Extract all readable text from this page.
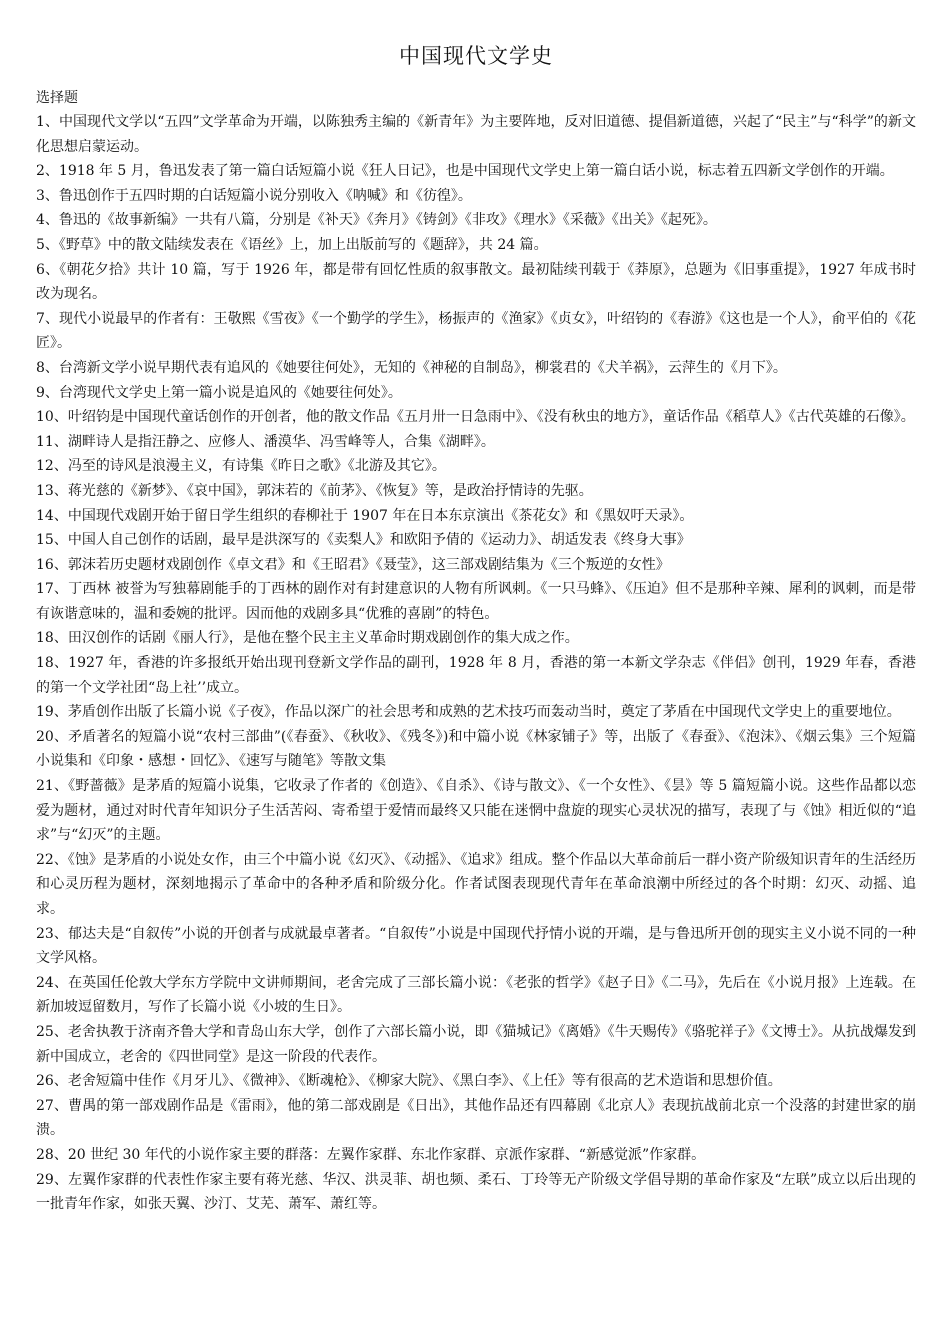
中国现代文学史

选择题

1、中国现代文学以“五四”文学革命为开端，以陈独秀主编的《新青年》为主要阵地，反对旧道德、提倡新道德，兴起了“民主”与“科学”的新文化思想启蒙运动。

2、1918 年 5 月，鲁迅发表了第一篇白话短篇小说《狂人日记》，也是中国现代文学史上第一篇白话小说，标志着五四新文学创作的开端。

3、鲁迅创作于五四时期的白话短篇小说分别收入《呐喊》和《彷徨》。

4、鲁迅的《故事新编》一共有八篇，分别是《补天》《奔月》《铸剑》《非攻》《理水》《采薇》《出关》《起死》。

5、《野草》中的散文陆续发表在《语丝》上，加上出版前写的《题辞》，共 24 篇。

6、《朝花夕拾》共计 10 篇，写于 1926 年，都是带有回忆性质的叙事散文。最初陆续刊载于《莽原》，总题为《旧事重提》，1927 年成书时改为现名。

7、现代小说最早的作者有：王敬熙《雪夜》《一个勤学的学生》，杨振声的《渔家》《贞女》，叶绍钧的《春游》《这也是一个人》，俞平伯的《花匠》。

8、台湾新文学小说早期代表有追风的《她要往何处》，无知的《神秘的自制岛》，柳裳君的《犬羊祸》，云萍生的《月下》。

9、台湾现代文学史上第一篇小说是追风的《她要往何处》。

10、叶绍钧是中国现代童话创作的开创者，他的散文作品《五月卅一日急雨中》、《没有秋虫的地方》，童话作品《稻草人》《古代英雄的石像》。

11、湖畔诗人是指汪静之、应修人、潘漠华、冯雪峰等人，合集《湖畔》。

12、冯至的诗风是浪漫主义，有诗集《昨日之歌》《北游及其它》。

13、蒋光慈的《新梦》、《哀中国》，郭沫若的《前茅》、《恢复》等，是政治抒情诗的先驱。

14、中国现代戏剧开始于留日学生组织的春柳社于 1907 年在日本东京演出《茶花女》和《黑奴吁天录》。

15、中国人自己创作的话剧，最早是洪深写的《卖梨人》和欧阳予倩的《运动力》、胡适发表《终身大事》

16、郭沫若历史题材戏剧创作《卓文君》和《王昭君》《聂莹》，这三部戏剧结集为《三个叛逆的女性》

17、丁西林 被誉为写独幕剧能手的丁西林的剧作对有封建意识的人物有所讽刺。《一只马蜂》、《压迫》但不是那种辛辣、犀利的讽刺，而是带有诙谐意味的，温和委婉的批评。因而他的戏剧多具“优雅的喜剧”的特色。

18、田汉创作的话剧《丽人行》，是他在整个民主主义革命时期戏剧创作的集大成之作。

18、1927 年，香港的许多报纸开始出现刊登新文学作品的副刊，1928 年 8 月，香港的第一本新文学杂志《伴侣》创刊，1929 年春，香港的第一个文学社团“岛上社’’成立。

19、茅盾创作出版了长篇小说《子夜》，作品以深广的社会思考和成熟的艺术技巧而轰动当时，奠定了茅盾在中国现代文学史上的重要地位。

20、矛盾著名的短篇小说“农村三部曲”(《春蚕》、《秋收》、《残冬》)和中篇小说《林家铺子》等，出版了《春蚕》、《泡沫》、《烟云集》三个短篇小说集和《印象・感想・回忆》、《速写与随笔》等散文集

21、《野蔷薇》是茅盾的短篇小说集，它收录了作者的《创造》、《自杀》、《诗与散文》、《一个女性》、《昙》等 5 篇短篇小说。这些作品都以恋爱为题材，通过对时代青年知识分子生活苦闷、寄希望于爱情而最终又只能在迷惘中盘旋的现实心灵状况的描写，表现了与《蚀》相近似的“追求”与“幻灭”的主题。

22、《蚀》是茅盾的小说处女作，由三个中篇小说《幻灭》、《动摇》、《追求》组成。整个作品以大革命前后一群小资产阶级知识青年的生活经历和心灵历程为题材，深刻地揭示了革命中的各种矛盾和阶级分化。作者试图表现现代青年在革命浪潮中所经过的各个时期：幻灭、动摇、追求。

23、郁达夫是“自叙传”小说的开创者与成就最卓著者。“自叙传”小说是中国现代抒情小说的开端，是与鲁迅所开创的现实主义小说不同的一种文学风格。

24、在英国任伦敦大学东方学院中文讲师期间，老舍完成了三部长篇小说：《老张的哲学》《赵子日》《二马》，先后在《小说月报》上连载。在新加坡逗留数月，写作了长篇小说《小坡的生日》。

25、老舍执教于济南齐鲁大学和青岛山东大学，创作了六部长篇小说，即《猫城记》《离婚》《牛天赐传》《骆驼祥子》《文博士》。从抗战爆发到新中国成立，老舍的《四世同堂》是这一阶段的代表作。

26、老舍短篇中佳作《月牙儿》、《微神》、《断魂枪》、《柳家大院》、《黑白李》、《上任》等有很高的艺术造诣和思想价值。

27、曹禺的第一部戏剧作品是《雷雨》，他的第二部戏剧是《日出》，其他作品还有四幕剧《北京人》表现抗战前北京一个没落的封建世家的崩溃。

28、20 世纪 30 年代的小说作家主要的群落：左翼作家群、东北作家群、京派作家群、“新感觉派”作家群。

29、左翼作家群的代表性作家主要有蒋光慈、华汉、洪灵菲、胡也频、柔石、丁玲等无产阶级文学倡导期的革命作家及“左联”成立以后出现的一批青年作家，如张天翼、沙汀、艾芜、萧军、萧红等。
